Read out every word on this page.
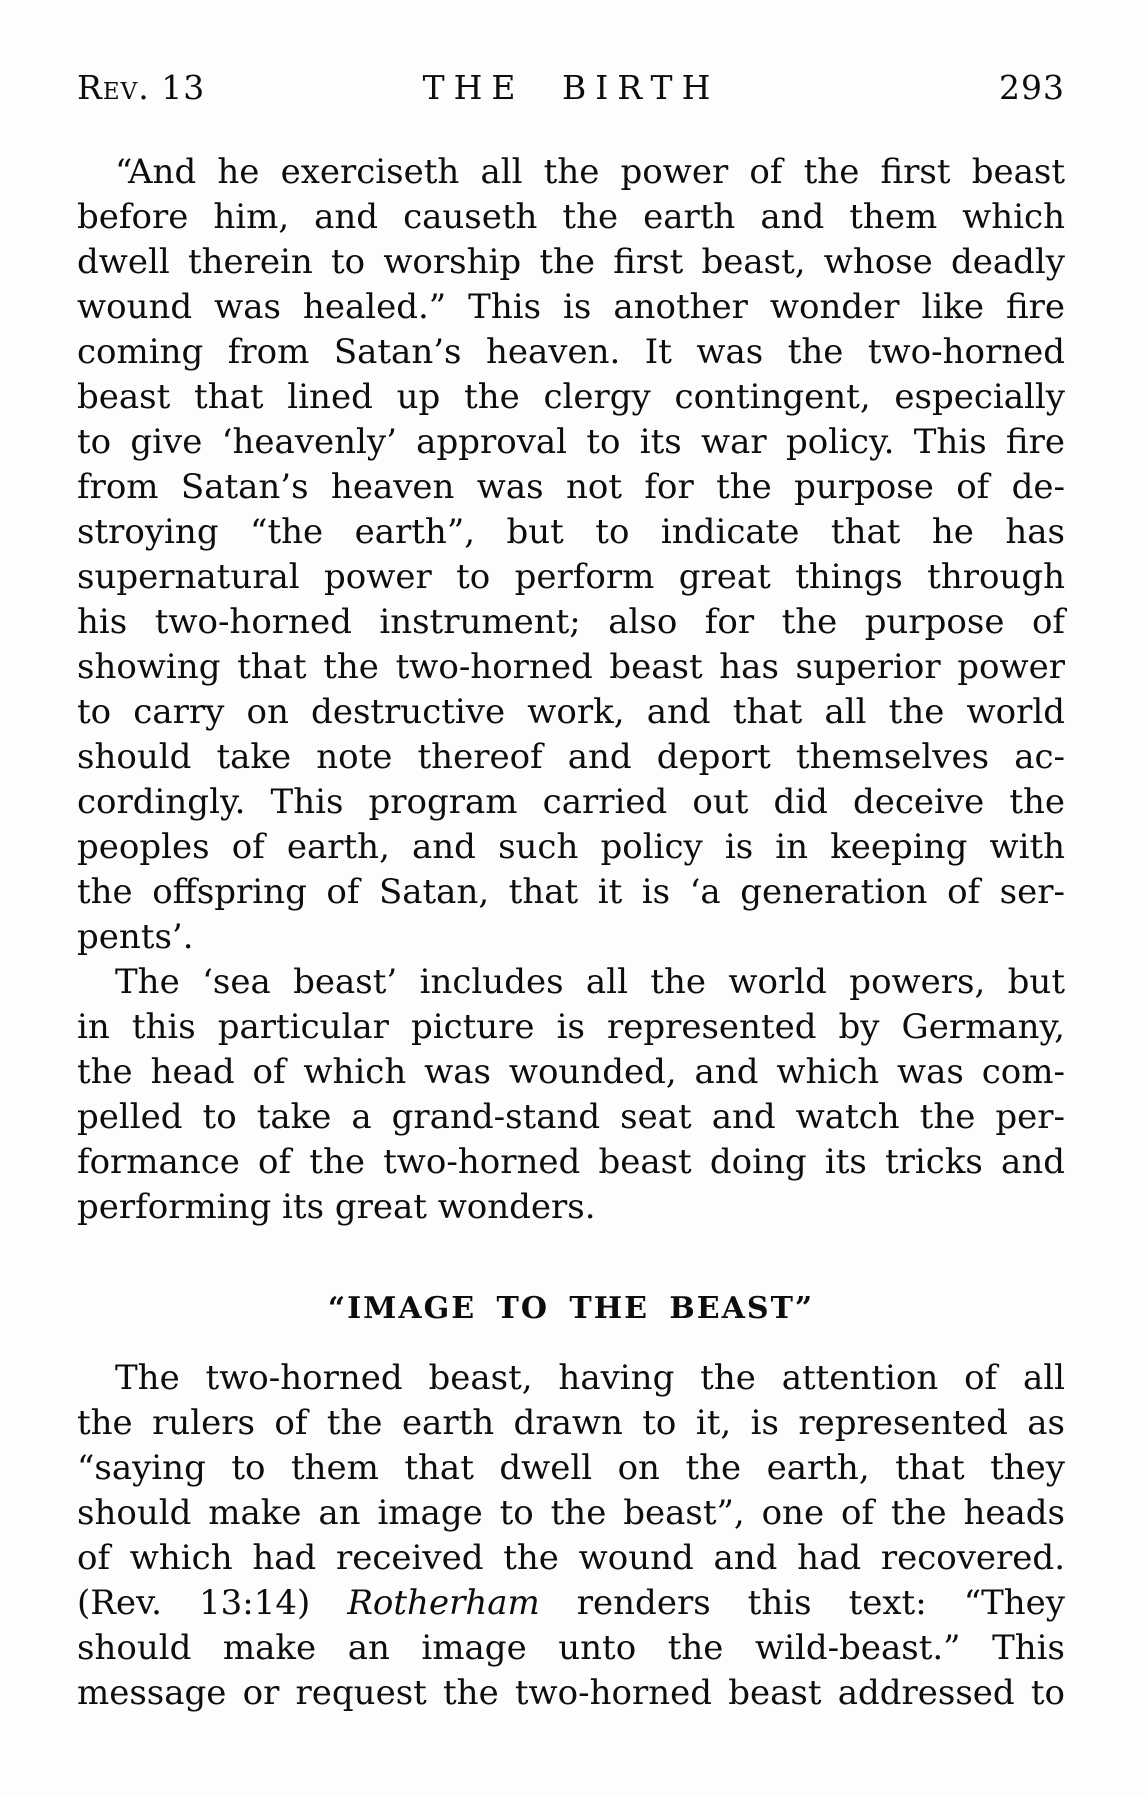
Rev. 13	THE BIRTH	293
“And he exerciseth all the power of the first beast
before him, and causeth the earth and them which
dwell therein to worship the first beast, whose deadly
wound was healed.” This is another wonder like fire
coming from Satan’s heaven. It was the two-horned
beast that lined up the clergy contingent, especially
to give ‘heavenly’ approval to its war policy. This fire
from Satan’s heaven was not for the purpose of de-
stroying “the earth”, but to indicate that he has
supernatural power to perform great things through
his two-horned instrument; also for the purpose of
showing that the two-horned beast has superior power
to carry on destructive work, and that all the world
should take note thereof and deport themselves ac-
cordingly. This program carried out did deceive the
peoples of earth, and such policy is in keeping with
the offspring of Satan, that it is ‘a generation of ser-
pents’.
The ‘sea beast’ includes all the world powers, but
in this particular picture is represented by Germany,
the head of which was wounded, and which was com-
pelled to take a grand-stand seat and watch the per-
formance of the two-horned beast doing its tricks and
performing its great wonders.
“IMAGE TO THE BEAST”
The two-horned beast, having the attention of all
the rulers of the earth drawn to it, is represented as
“saying to them that dwell on the earth, that they
should make an image to the beast”, one of the heads
of which had received the wound and had recovered.
(Rev. 13:14) Rotherham renders this text: “They
should make an image unto the wild-beast.” This
message or request the two-horned beast addressed to
